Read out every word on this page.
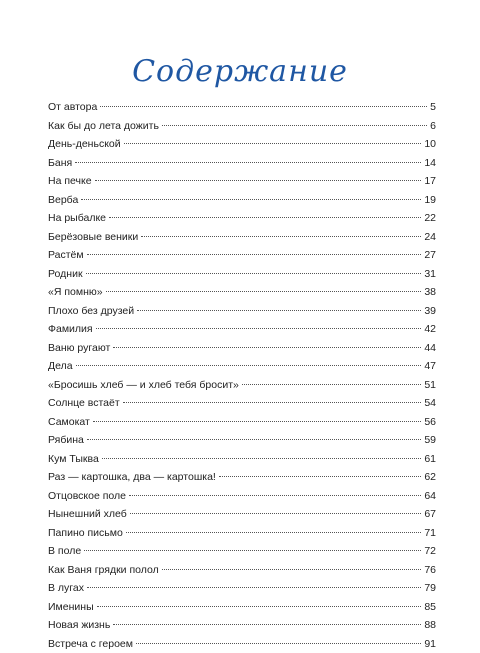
Содержание
От автора	5
Как бы до лета дожить	6
День-деньской	10
Баня	14
На печке	17
Верба	19
На рыбалке	22
Берёзовые веники	24
Растём	27
Родник	31
«Я помню»	38
Плохо без друзей	39
Фамилия	42
Ваню ругают	44
Дела	47
«Бросишь хлеб — и хлеб тебя бросит»	51
Солнце встаёт	54
Самокат	56
Рябина	59
Кум Тыква	61
Раз — картошка, два — картошка!	62
Отцовское поле	64
Нынешний хлеб	67
Папино письмо	71
В поле	72
Как Ваня грядки полол	76
В лугах	79
Именины	85
Новая жизнь	88
Встреча с героем	91
